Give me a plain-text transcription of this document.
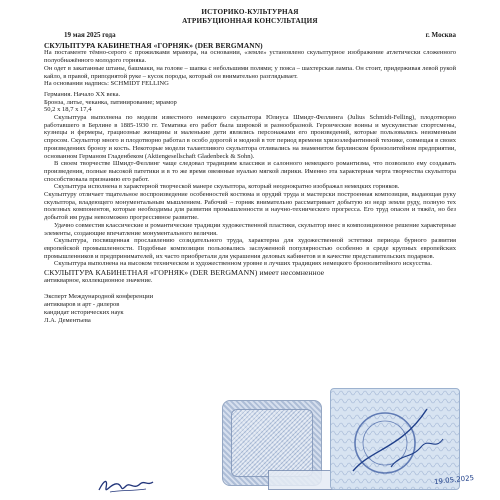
ИСТОРИКО-КУЛЬТУРНАЯ
АТРИБУЦИОННАЯ КОНСУЛЬТАЦИЯ
19 мая 2025 года	г. Москва
СКУЛЬПТУРА КАБИНЕТНАЯ «ГОРНЯК» (DER BERGMANN)

На постаменте тёмно-серого с прожилками мрамора, на основании, «земле» установлено скульптурное изображение атлетически сложенного полуобнажённого молодого горняка.

Он одет в закатанные штаны, башмаки, на голове – шапка с небольшими полями; у пояса – шахтерская лампа. Он стоит, придерживая левой рукой кайло, в правой, приподнятой руке – кусок породы, который он внимательно разглядывает.

На основании надпись: SCHMIDT FELLING

Германия. Начало ХХ века.

Бронза, литье, чеканка, патинирование; мрамор

50,2 х 18,7 х 17,4

Скульптура выполнена по модели известного немецкого скульптора Юлиуса Шмидт-Феллинга (Julius Schmidt-Felling), плодотворно работавшего в Берлине в 1885-1930 гг. Тематика его работ была широкой и разнообразной. Героические воины и мускулистые спортсмены, кузнецы и фермеры, грациозные женщины и маленькие дети являлись персонажами его произведений, которые пользовались неизменным спросом. Скульптор много и плодотворно работал в особо дорогой и модной в тот период времени хризоэлефантинной технике, совмещая в своих произведениях бронзу и кость. Некоторые модели талантливого скульптора отливались на знаменитом берлинском бронзолитейном предприятии, основанном Германом Гладенбеком (Aktiengesellschaft Gladenbeck & Sohn).

В своем творчестве Шмидт-Феллинг чаще следовал традициям классики и салонного немецкого романтизма, что позволило ему создавать произведения, полные высокой патетики и в то же время овеянные нуалью мягкой лирики. Именно эта характерная черта творчества скульптора способствовала признанию его работ.

Скульптура исполнена в характерной творческой манере скульптора, который неоднократно изображал немецких горняков.

Скульптуру отличает тщательное воспроизведение особенностей костюма и орудий труда и мастерски построенная композиция, выдающая руку скульптора, владеющего монументальным мышлением. Рабочий – горняк внимательно рассматривает добытую из недр земли руду, полную тех полезных компонентов, которые необходимы для развития промышленности и научно-технического прогресса. Его труд опасен и тяжёл, но без добытой им руды невозможно прогрессивное развитие.

Удачно совместив классические и романтические традиции художественной пластики, скульптор внес в композиционное решение характерные элементы, создающие впечатление монументального величия.

Скульптура, посвященная прославлению созидательного труда, характерна для художественной эстетики периода бурного развития европейской промышленности. Подобные композиции пользовались заслуженной популярностью особенно в среде крупных европейских промышленников и предпринимателей, их часто приобретали для украшения деловых кабинетов и в качестве представительских подарков.

Скульптура выполнена на высоком техническом и художественном уровне в лучших традициях немецкого бронзолитейного искусства.

СКУЛЬПТУРА КАБИНЕТНАЯ «ГОРНЯК» (DER BERGMANN) имеет несомненное

антикварное, коллекционное значение.

Эксперт Международной конференции
антикваров и арт - дилеров
кандидат исторических наук
Л.А. Дементьева
19.05.2025
